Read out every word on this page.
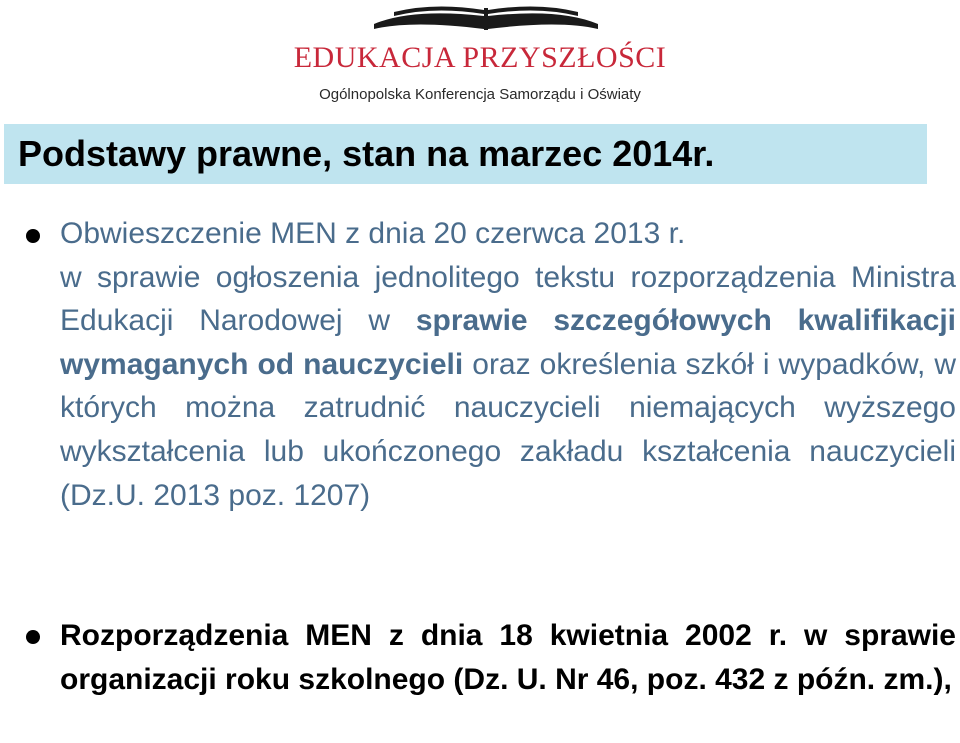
EDUKACJA PRZYSZŁOŚCI
Ogólnopolska Konferencja Samorządu i Oświaty
Podstawy prawne, stan na marzec 2014r.

Obwieszczenie MEN z dnia 20 czerwca 2013 r.
w sprawie ogłoszenia jednolitego tekstu rozporządzenia Ministra Edukacji Narodowej w sprawie szczegółowych kwalifikacji wymaganych od nauczycieli oraz określenia szkół i wypadków, w których można zatrudnić nauczycieli niemających wyższego wykształcenia lub ukończonego zakładu kształcenia nauczycieli (Dz.U. 2013 poz. 1207)

Rozporządzenia MEN z dnia 18 kwietnia 2002 r. w sprawie organizacji roku szkolnego (Dz. U. Nr 46, poz. 432 z późn. zm.),
